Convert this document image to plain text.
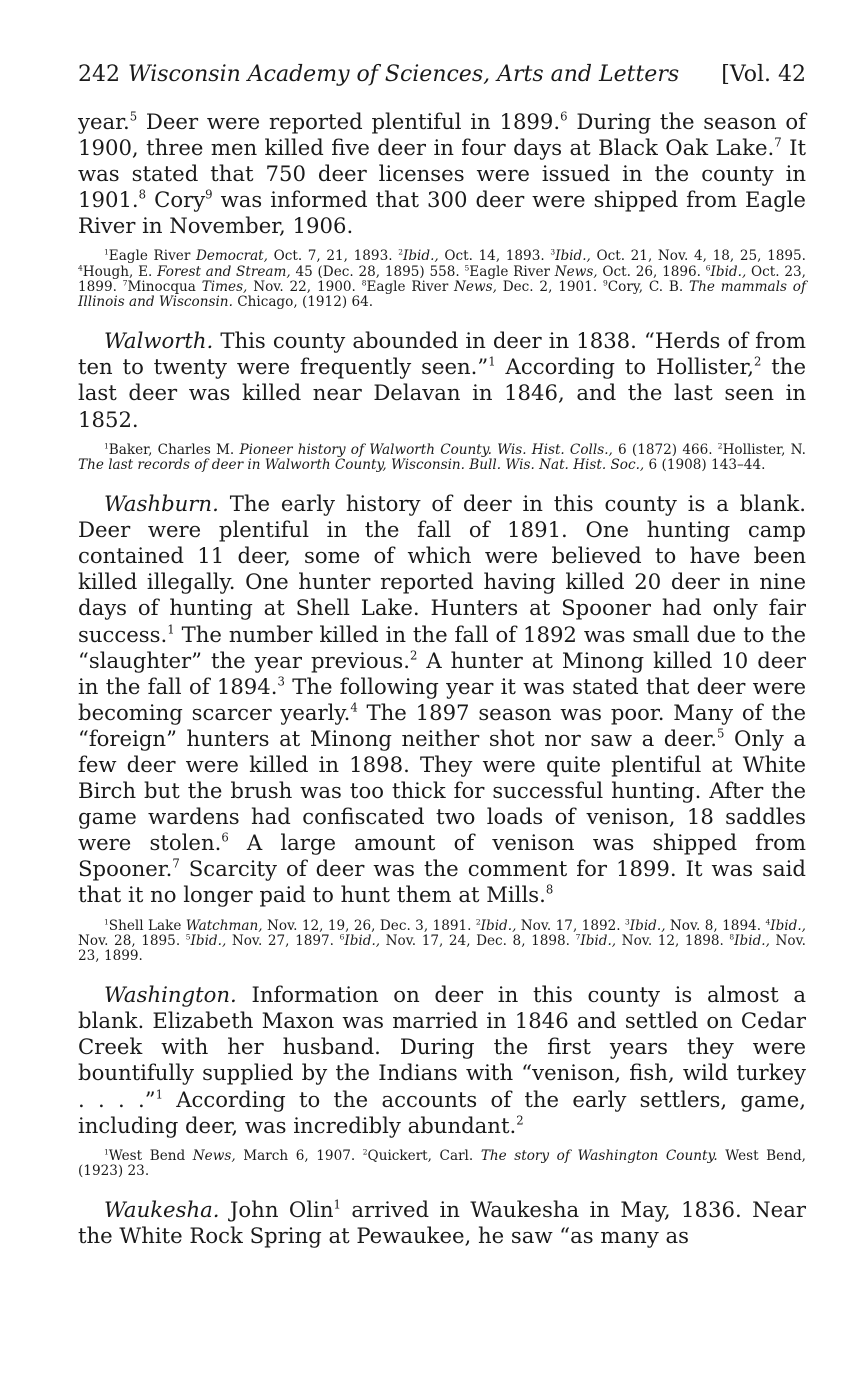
242 Wisconsin Academy of Sciences, Arts and Letters	[Vol. 42

year.$^5$ Deer were reported plentiful in 1899.$^6$ During the season of 1900, three men killed five deer in four days at Black Oak Lake.$^7$ It was stated that 750 deer licenses were issued in the county in 1901.$^8$ Cory$^9$ was informed that 300 deer were shipped from Eagle River in November, 1906.

$^1$Eagle River Democrat, Oct. 7, 21, 1893. $^2$Ibid., Oct. 14, 1893. $^3$Ibid., Oct. 21, Nov. 4, 18, 25, 1895. $^4$Hough, E. Forest and Stream, 45 (Dec. 28, 1895) 558. $^5$Eagle River News, Oct. 26, 1896. $^6$Ibid., Oct. 23, 1899. $^7$Minocqua Times, Nov. 22, 1900. $^8$Eagle River News, Dec. 2, 1901. $^9$Cory, C. B. The mammals of Illinois and Wisconsin. Chicago, (1912) 64.

Walworth. This county abounded in deer in 1838. “Herds of from ten to twenty were frequently seen.”$^1$ According to Hollister,$^2$ the last deer was killed near Delavan in 1846, and the last seen in 1852.

$^1$Baker, Charles M. Pioneer history of Walworth County. Wis. Hist. Colls., 6 (1872) 466. $^2$Hollister, N. The last records of deer in Walworth County, Wisconsin. Bull. Wis. Nat. Hist. Soc., 6 (1908) 143–44.

Washburn. The early history of deer in this county is a blank. Deer were plentiful in the fall of 1891. One hunting camp contained 11 deer, some of which were believed to have been killed illegally. One hunter reported having killed 20 deer in nine days of hunting at Shell Lake. Hunters at Spooner had only fair success.$^1$ The number killed in the fall of 1892 was small due to the “slaughter” the year previous.$^2$ A hunter at Minong killed 10 deer in the fall of 1894.$^3$ The following year it was stated that deer were becoming scarcer yearly.$^4$ The 1897 season was poor. Many of the “foreign” hunters at Minong neither shot nor saw a deer.$^5$ Only a few deer were killed in 1898. They were quite plentiful at White Birch but the brush was too thick for successful hunting. After the game wardens had confiscated two loads of venison, 18 saddles were stolen.$^6$ A large amount of venison was shipped from Spooner.$^7$ Scarcity of deer was the comment for 1899. It was said that it no longer paid to hunt them at Mills.$^8$

$^1$Shell Lake Watchman, Nov. 12, 19, 26, Dec. 3, 1891. $^2$Ibid., Nov. 17, 1892. $^3$Ibid., Nov. 8, 1894. $^4$Ibid., Nov. 28, 1895. $^5$Ibid., Nov. 27, 1897. $^6$Ibid., Nov. 17, 24, Dec. 8, 1898. $^7$Ibid., Nov. 12, 1898. $^8$Ibid., Nov. 23, 1899.

Washington. Information on deer in this county is almost a blank. Elizabeth Maxon was married in 1846 and settled on Cedar Creek with her husband. During the first years they were bountifully supplied by the Indians with “venison, fish, wild turkey . . . .”$^1$ According to the accounts of the early settlers, game, including deer, was incredibly abundant.$^2$

$^1$West Bend News, March 6, 1907. $^2$Quickert, Carl. The story of Washington County. West Bend, (1923) 23.

Waukesha. John Olin$^1$ arrived in Waukesha in May, 1836. Near the White Rock Spring at Pewaukee, he saw “as many as
